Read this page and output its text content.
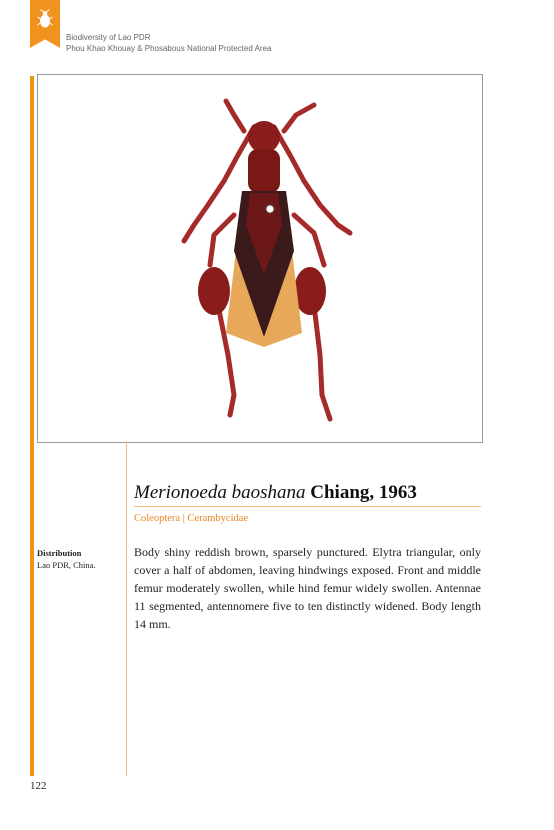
Biodiversity of Lao PDR
Phou Khao Khouay & Phosabous National Protected Area
Merionoeda baoshana Chiang, 1963
Coleoptera | Cerambycidae
Distribution
Lao PDR, China.
Body shiny reddish brown, sparsely punctured. Elytra triangular, only cover a half of abdomen, leaving hindwings exposed. Front and middle femur moderately swollen, while hind femur widely swollen. Antennae 11 segmented, antennomere five to ten distinctly widened. Body length 14 mm.
122
